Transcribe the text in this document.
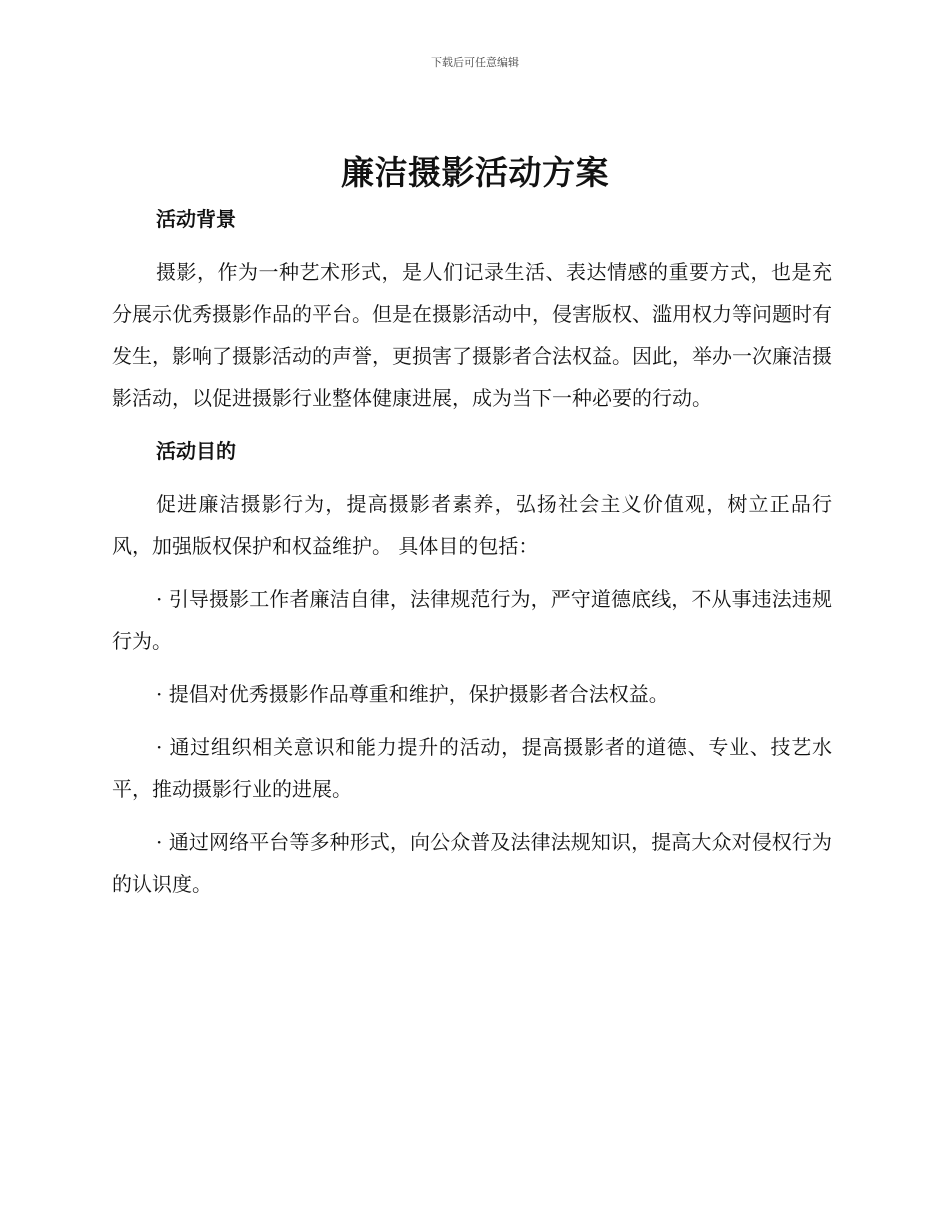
下载后可任意编辑
廉洁摄影活动方案
活动背景

摄影，作为一种艺术形式，是人们记录生活、表达情感的重要方式，也是充分展示优秀摄影作品的平台。但是在摄影活动中，侵害版权、滥用权力等问题时有发生，影响了摄影活动的声誉，更损害了摄影者合法权益。因此，举办一次廉洁摄影活动，以促进摄影行业整体健康进展，成为当下一种必要的行动。

活动目的

促进廉洁摄影行为，提高摄影者素养，弘扬社会主义价值观，树立正品行风，加强版权保护和权益维护。 具体目的包括：

· 引导摄影工作者廉洁自律，法律规范行为，严守道德底线，不从事违法违规行为。

· 提倡对优秀摄影作品尊重和维护，保护摄影者合法权益。

· 通过组织相关意识和能力提升的活动，提高摄影者的道德、专业、技艺水平，推动摄影行业的进展。

· 通过网络平台等多种形式，向公众普及法律法规知识，提高大众对侵权行为的认识度。
